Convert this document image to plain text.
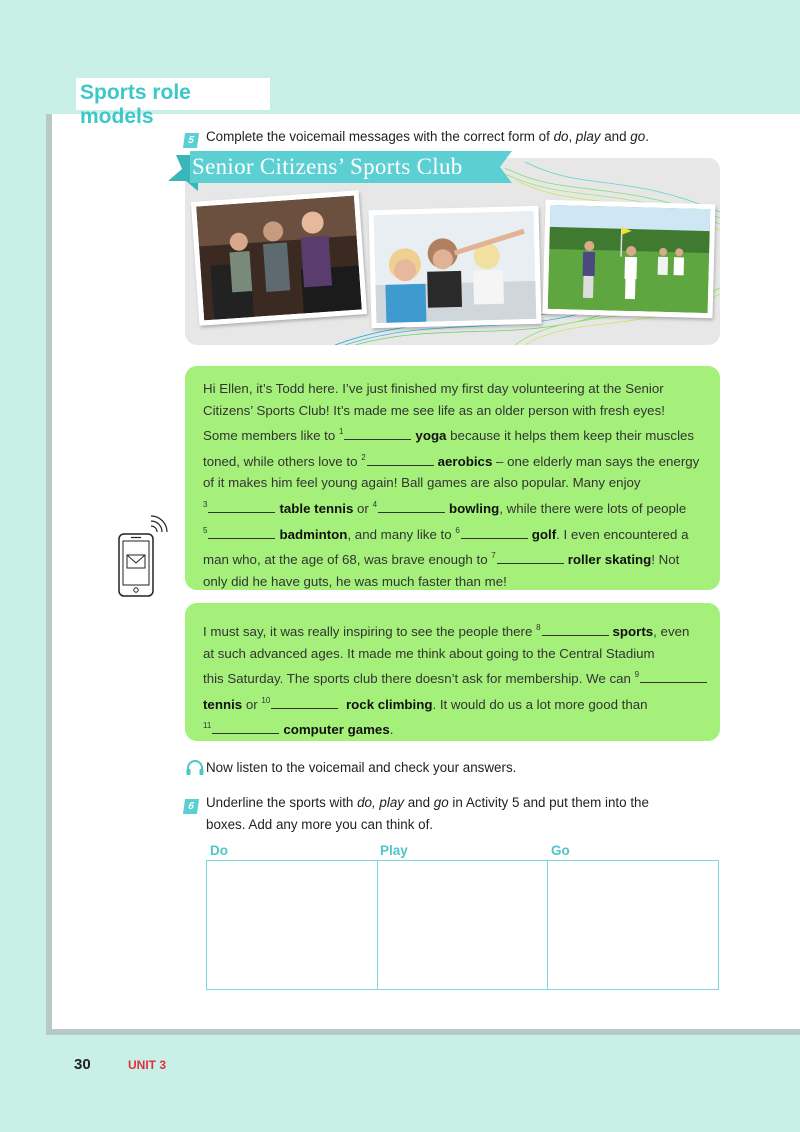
Sports role models
5 Complete the voicemail messages with the correct form of do, play and go.
Senior Citizens’ Sports Club
Hi Ellen, it’s Todd here. I’ve just finished my first day volunteering at the Senior
Citizens’ Sports Club! It’s made me see life as an older person with fresh eyes!
Some members like to $^1$	yoga because it helps them keep their muscles
toned, while others love to $^2$	aerobics – one elderly man says the energy
of it makes him feel young again! Ball games are also popular. Many enjoy
$^3$	table tennis or $^4$	bowling, while there were lots of people
$^5$	badminton, and many like to $^6$	golf. I even encountered a
man who, at the age of 68, was brave enough to $^7$	roller skating! Not
only did he have guts, he was much faster than me!
I must say, it was really inspiring to see the people there $^8$	sports, even
at such advanced ages. It made me think about going to the Central Stadium
this Saturday. The sports club there doesn’t ask for membership. We can $^9$
tennis or $^{10}$	rock climbing. It would do us a lot more good than
$^{11}$	computer games.
Now listen to the voicemail and check your answers.
6 Underline the sports with do, play and go in Activity 5 and put them into the
boxes. Add any more you can think of.
Do	Play	Go
30	UNIT 3
